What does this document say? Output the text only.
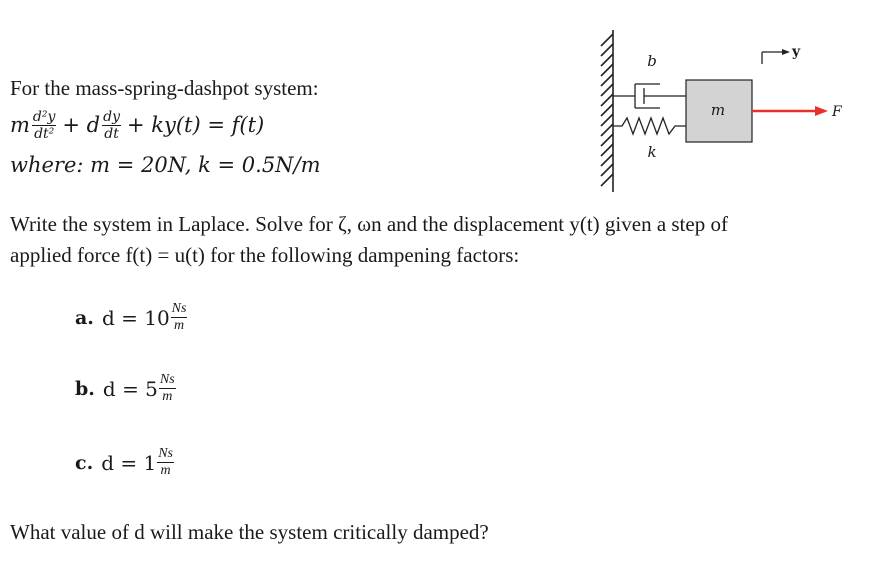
For the mass-spring-dashpot system:
m $\frac{\text{d²y}}{\text{dt²}} + d \frac{dy}{dt} + ky(t) = f(t)$
where: m = 20N, k = 0.5N/m
Write the system in Laplace. Solve for ζ, ωn and the displacement y(t) given a step of
applied force f(t) = u(t) for the following dampening factors:
a. $d = 10 \frac{Ns}{m}$
b. $d = 5 \frac{Ns}{m}$
c. $d = 1 \frac{Ns}{m}$
What value of d will make the system critically damped?
b
k
m	F
y
